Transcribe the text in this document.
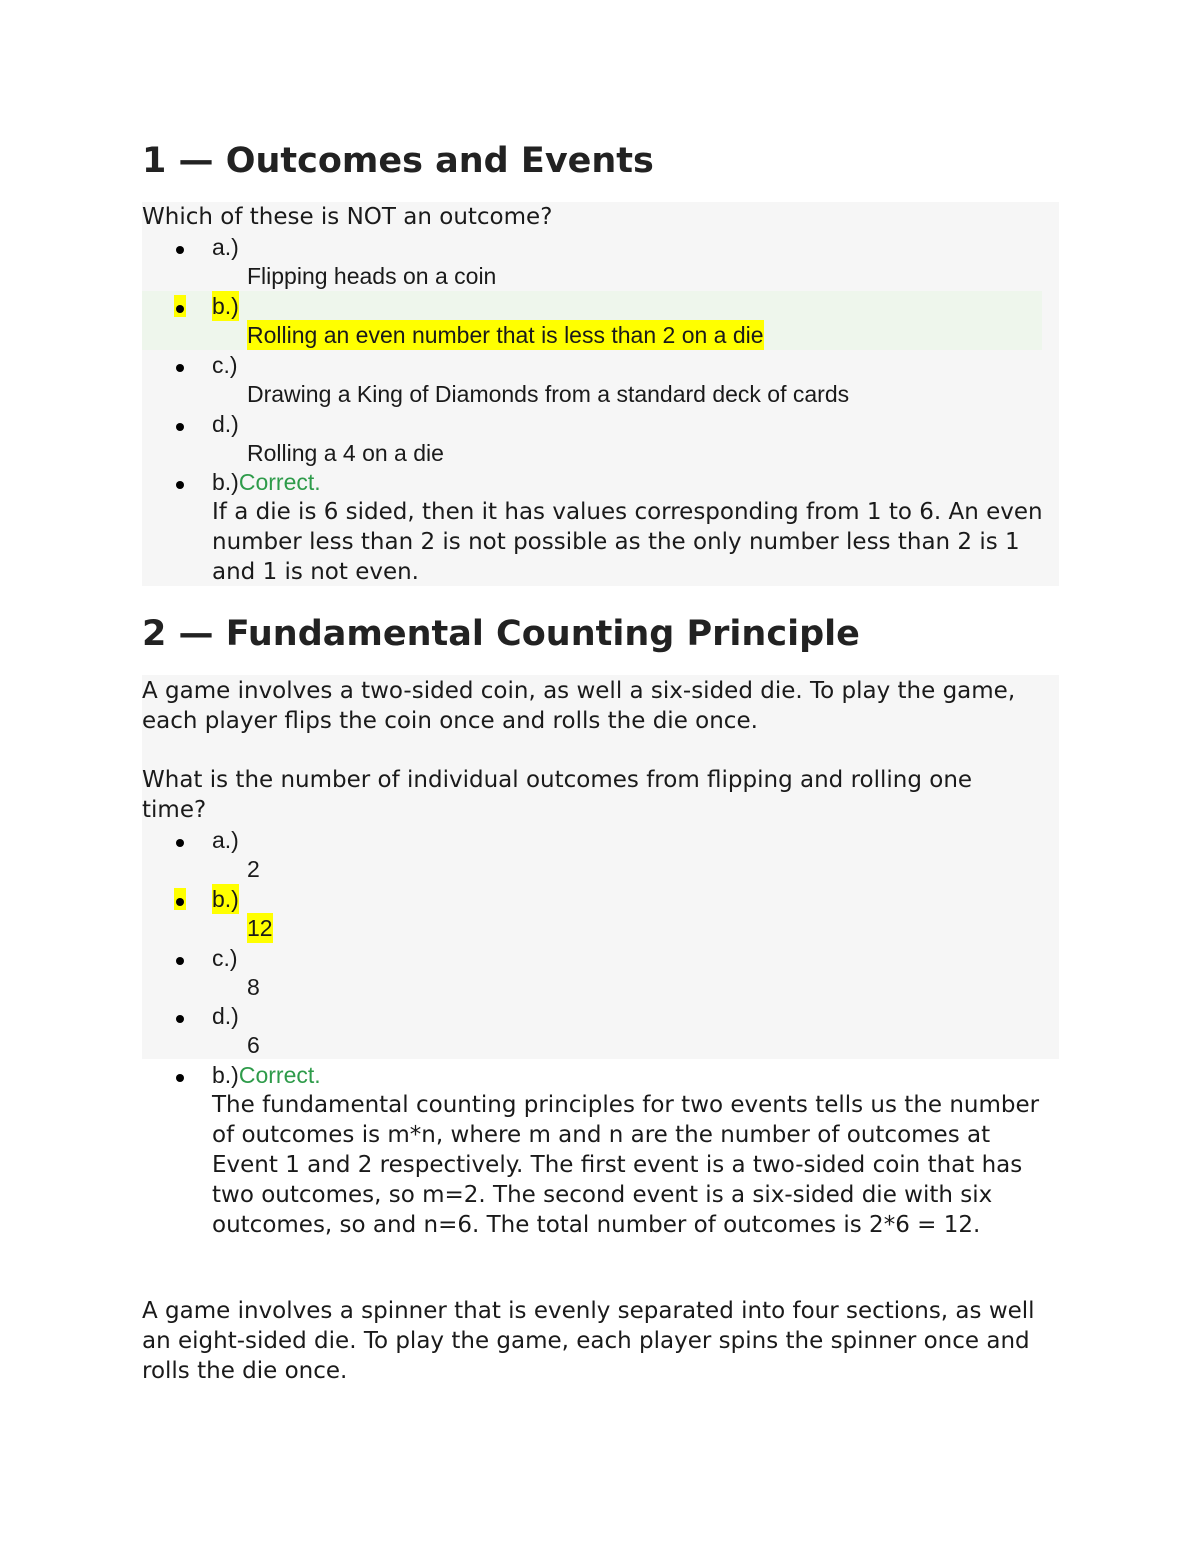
1 — Outcomes and Events

Which of these is NOT an outcome?

a.)
Flipping heads on a coin
b.)
Rolling an even number that is less than 2 on a die
c.)
Drawing a King of Diamonds from a standard deck of cards
d.)
Rolling a 4 on a die
b.)Correct.

If a die is 6 sided, then it has values corresponding from 1 to 6. An even number less than 2 is not possible as the only number less than 2 is 1 and 1 is not even.

2 — Fundamental Counting Principle

A game involves a two-sided coin, as well a six-sided die. To play the game, each player flips the coin once and rolls the die once.

What is the number of individual outcomes from flipping and rolling one time?

a.)
2
b.)
12
c.)
8
d.)
6
b.)Correct.

The fundamental counting principles for two events tells us the number of outcomes is m*n, where m and n are the number of outcomes at Event 1 and 2 respectively. The first event is a two-sided coin that has two outcomes, so m=2. The second event is a six-sided die with six outcomes, so and n=6. The total number of outcomes is 2*6 = 12.

A game involves a spinner that is evenly separated into four sections, as well an eight-sided die. To play the game, each player spins the spinner once and rolls the die once.
